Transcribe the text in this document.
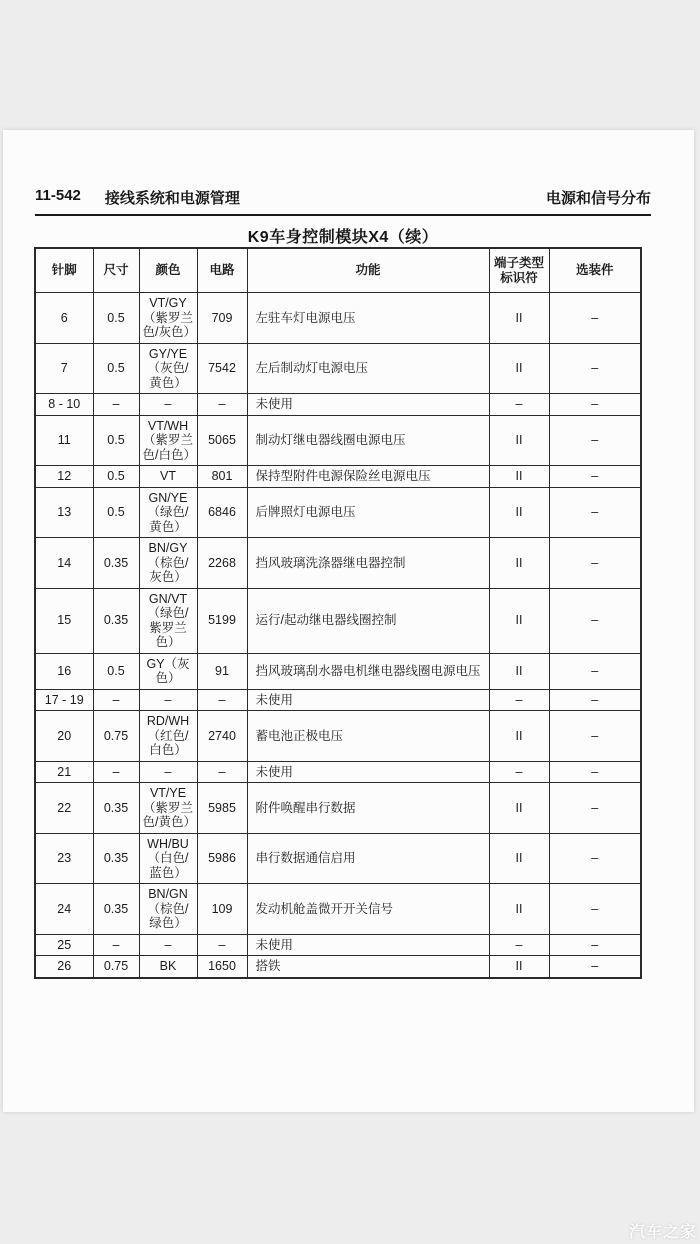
11-542 接线系统和电源管理	电源和信号分布
K9车身控制模块X4（续）
针脚	尺寸	颜色	电路	功能	端子类型标识符	选装件
6	0.5	VT/GY（紫罗兰色/灰色）	709	左驻车灯电源电压	II	–
7	0.5	GY/YE（灰色/黄色）	7542	左后制动灯电源电压	II	–
8 - 10	–	–	–	未使用	–	–
11	0.5	VT/WH（紫罗兰色/白色）	5065	制动灯继电器线圈电源电压	II	–
12	0.5	VT	801	保持型附件电源保险丝电源电压	II	–
13	0.5	GN/YE（绿色/黄色）	6846	后牌照灯电源电压	II	–
14	0.35	BN/GY（棕色/灰色）	2268	挡风玻璃洗涤器继电器控制	II	–
15	0.35	GN/VT（绿色/紫罗兰色）	5199	运行/起动继电器线圈控制	II	–
16	0.5	GY（灰色）	91	挡风玻璃刮水器电机继电器线圈电源电压	II	–
17 - 19	–	–	–	未使用	–	–
20	0.75	RD/WH（红色/白色）	2740	蓄电池正极电压	II	–
21	–	–	–	未使用	–	–
22	0.35	VT/YE（紫罗兰色/黄色）	5985	附件唤醒串行数据	II	–
23	0.35	WH/BU（白色/蓝色）	5986	串行数据通信启用	II	–
24	0.35	BN/GN（棕色/绿色）	109	发动机舱盖微开开关信号	II	–
25	–	–	–	未使用	–	–
26	0.75	BK	1650	搭铁	II	–
汽车之家
